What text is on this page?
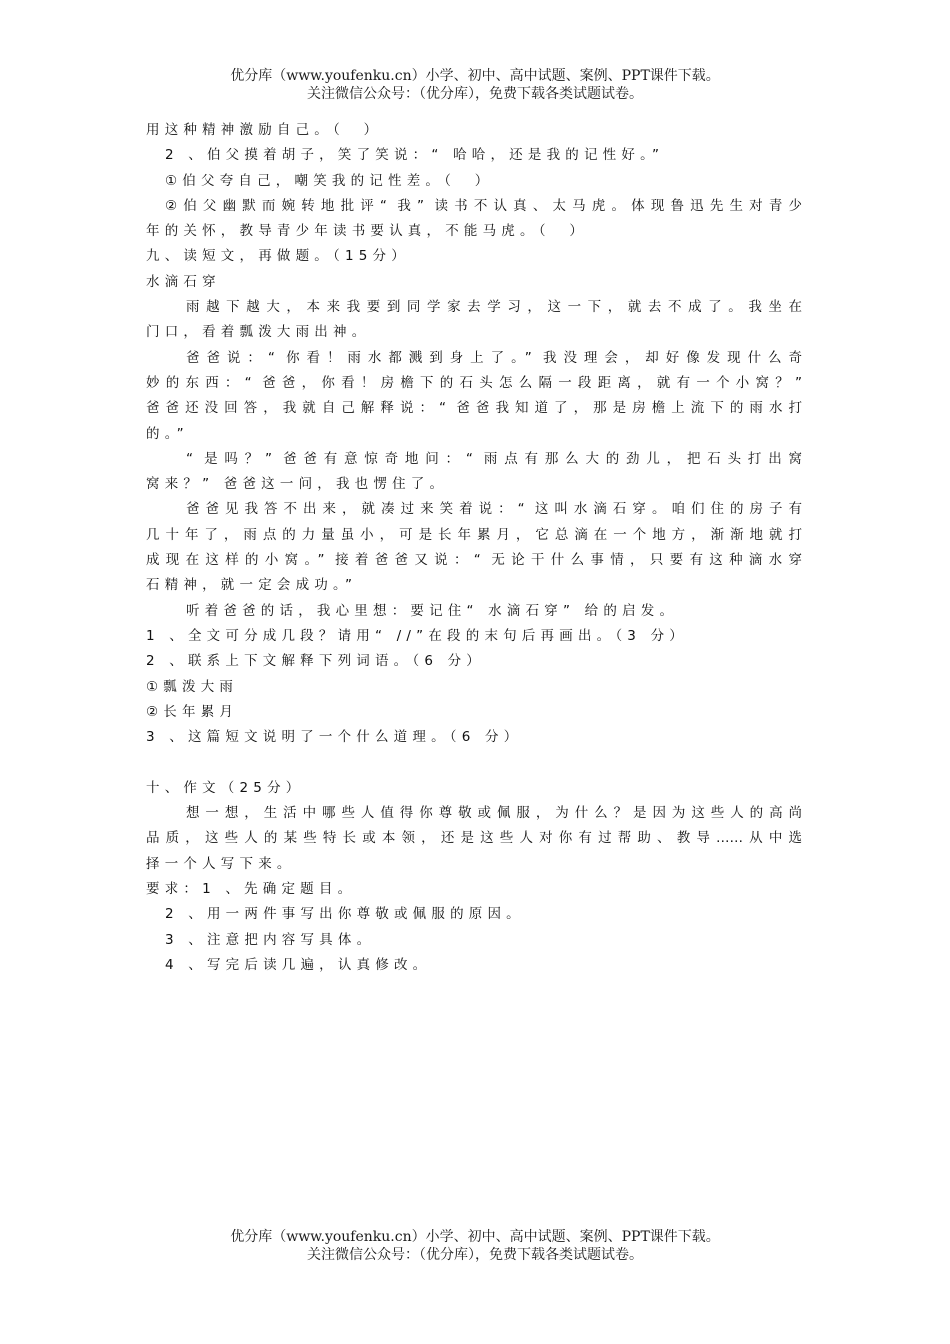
优分库（www.youfenku.cn）小学、初中、高中试题、案例、PPT课件下载。
关注微信公众号：（优分库），免费下载各类试题试卷。
用这种精神激励自己。（　）
2 、伯父摸着胡子，笑了笑说：“ 哈哈，还是我的记性好。”
①伯父夸自己，嘲笑我的记性差。（　）
②伯父幽默而婉转地批评“ 我” 读书不认真、太马虎。体现鲁迅先生对青少
年的关怀，教导青少年读书要认真，不能马虎。（　）
九、读短文，再做题。（15分）
水滴石穿
雨越下越大，本来我要到同学家去学习，这一下，就去不成了。我坐在
门口，看着瓢泼大雨出神。
爸爸说：“ 你看！雨水都溅到身上了。” 我没理会，却好像发现什么奇
妙的东西：“ 爸爸，你看！房檐下的石头怎么隔一段距离，就有一个小窝？”
爸爸还没回答，我就自己解释说：“ 爸爸我知道了，那是房檐上流下的雨水打
的。”
“ 是吗？” 爸爸有意惊奇地问：“ 雨点有那么大的劲儿，把石头打出窝
窝来？” 爸爸这一问，我也愣住了。
爸爸见我答不出来，就凑过来笑着说：“ 这叫水滴石穿。咱们住的房子有
几十年了，雨点的力量虽小，可是长年累月，它总滴在一个地方，渐渐地就打
成现在这样的小窝。” 接着爸爸又说：“ 无论干什么事情，只要有这种滴水穿
石精神，就一定会成功。”
听着爸爸的话，我心里想：要记住“ 水滴石穿” 给的启发。
1 、全文可分成几段？请用“ //”在段的末句后再画出。（3 分）
2 、联系上下文解释下列词语。（6 分）
①瓢泼大雨
②长年累月
3 、这篇短文说明了一个什么道理。（6 分）
十、作文（25分）
想一想，生活中哪些人值得你尊敬或佩服，为什么？是因为这些人的高尚
品质，这些人的某些特长或本领，还是这些人对你有过帮助、教导……从中选
择一个人写下来。
要求：1 、先确定题目。
2 、用一两件事写出你尊敬或佩服的原因。
3 、注意把内容写具体。
4 、写完后读几遍，认真修改。
优分库（www.youfenku.cn）小学、初中、高中试题、案例、PPT课件下载。
关注微信公众号：（优分库），免费下载各类试题试卷。
